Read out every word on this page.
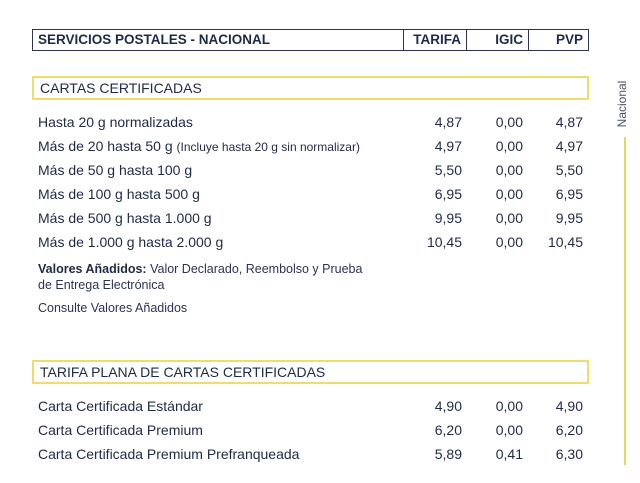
SERVICIOS POSTALES - NACIONAL	TARIFA	IGIC	PVP
Nacional
CARTAS CERTIFICADAS
Hasta 20 g normalizadas	4,87	0,00	4,87
Más de 20 hasta 50 g (Incluye hasta 20 g sin normalizar)	4,97	0,00	4,97
Más de 50 g hasta 100 g	5,50	0,00	5,50
Más de 100 g hasta 500 g	6,95	0,00	6,95
Más de 500 g hasta 1.000 g	9,95	0,00	9,95
Más de 1.000 g hasta 2.000 g	10,45	0,00	10,45
Valores Añadidos: Valor Declarado, Reembolso y Prueba
de Entrega Electrónica
Consulte Valores Añadidos
TARIFA PLANA DE CARTAS CERTIFICADAS
Carta Certificada Estándar	4,90	0,00	4,90
Carta Certificada Premium	6,20	0,00	6,20
Carta Certificada Premium Prefranqueada	5,89	0,41	6,30
